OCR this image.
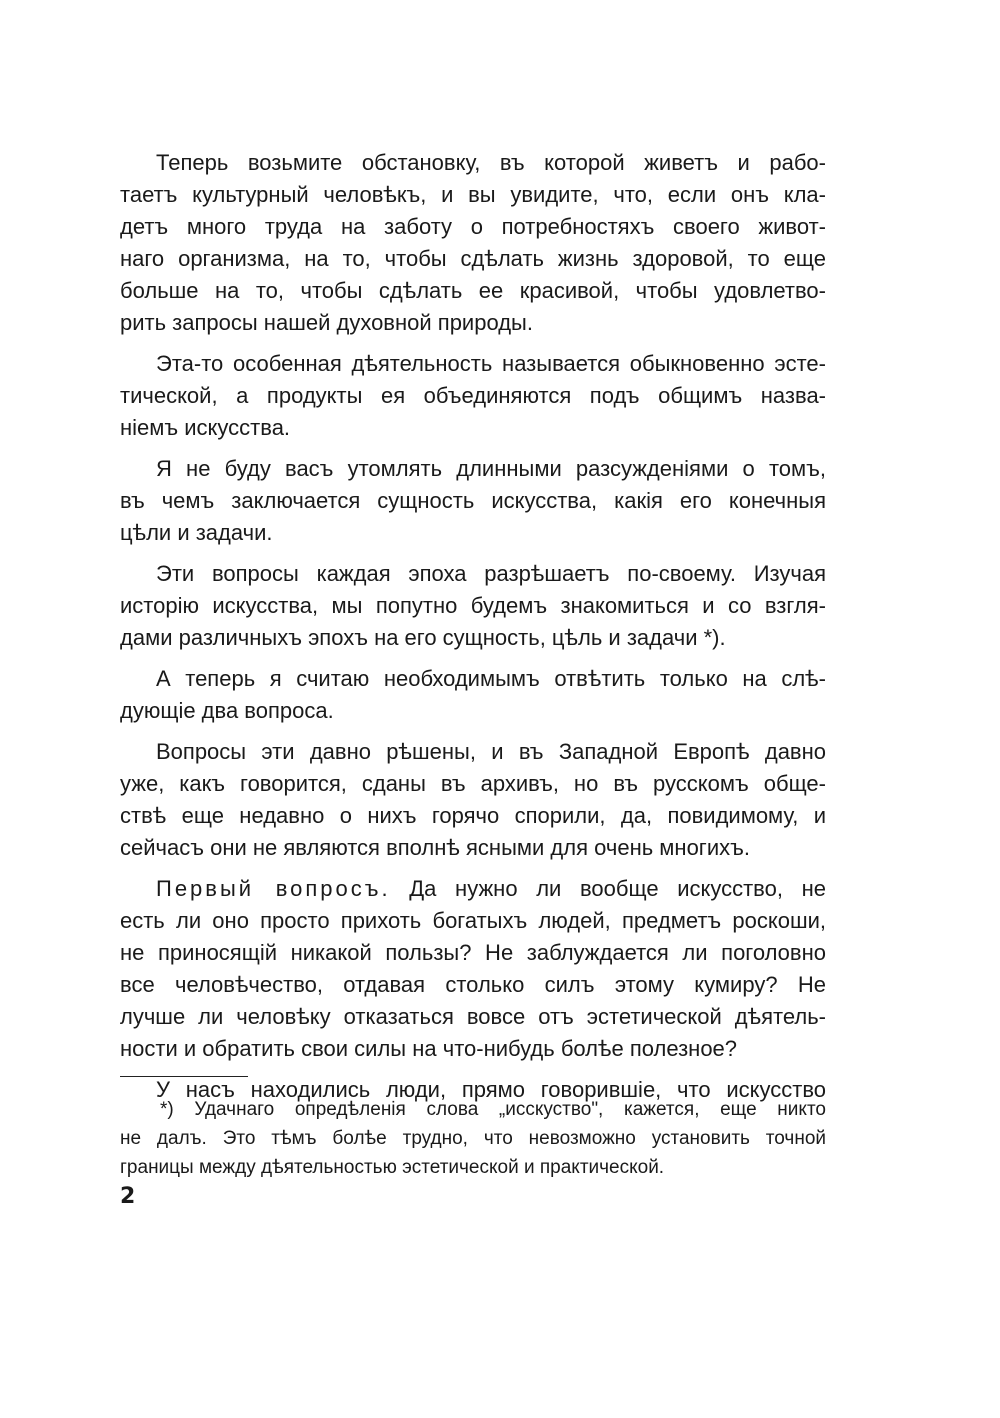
Теперь возьмите обстановку, въ которой живетъ и рабо-
таетъ культурный человѣкъ, и вы увидите, что, если онъ кла-
детъ много труда на заботу о потребностяхъ своего живот-
наго организма, на то, чтобы сдѣлать жизнь здоровой, то еще
больше на то, чтобы сдѣлать ее красивой, чтобы удовлетво-
рить запросы нашей духовной природы.
Эта-то особенная дѣятельность называется обыкновенно эсте-
тической, а продукты ея объединяются подъ общимъ назва-
ніемъ искусства.
Я не буду васъ утомлять длинными разсужденіями о томъ,
въ чемъ заключается сущность искусства, какія его конечныя
цѣли и задачи.
Эти вопросы каждая эпоха разрѣшаетъ по-своему. Изучая
исторію искусства, мы попутно будемъ знакомиться и со взгля-
дами различныхъ эпохъ на его сущность, цѣль и задачи *).
А теперь я считаю необходимымъ отвѣтить только на слѣ-
дующіе два вопроса.
Вопросы эти давно рѣшены, и въ Западной Европѣ давно
уже, какъ говорится, сданы въ архивъ, но въ русскомъ обще-
ствѣ еще недавно о нихъ горячо спорили, да, повидимому, и
сейчасъ они не являются вполнѣ ясными для очень многихъ.
Первый вопросъ. Да нужно ли вообще искусство, не
есть ли оно просто прихоть богатыхъ людей, предметъ роскоши,
не приносящій никакой пользы? Не заблуждается ли поголовно
все человѣчество, отдавая столько силъ этому кумиру? Не
лучше ли человѣку отказаться вовсе отъ эстетической дѣятель-
ности и обратить свои силы на что-нибудь болѣе полезное?
У насъ находились люди, прямо говорившіе, что искусство
*) Удачнаго опредѣленія слова „исскуство", кажется, еще никто
не далъ. Это тѣмъ болѣе трудно, что невозможно установить точной
границы между дѣятельностью эстетической и практической.
2
